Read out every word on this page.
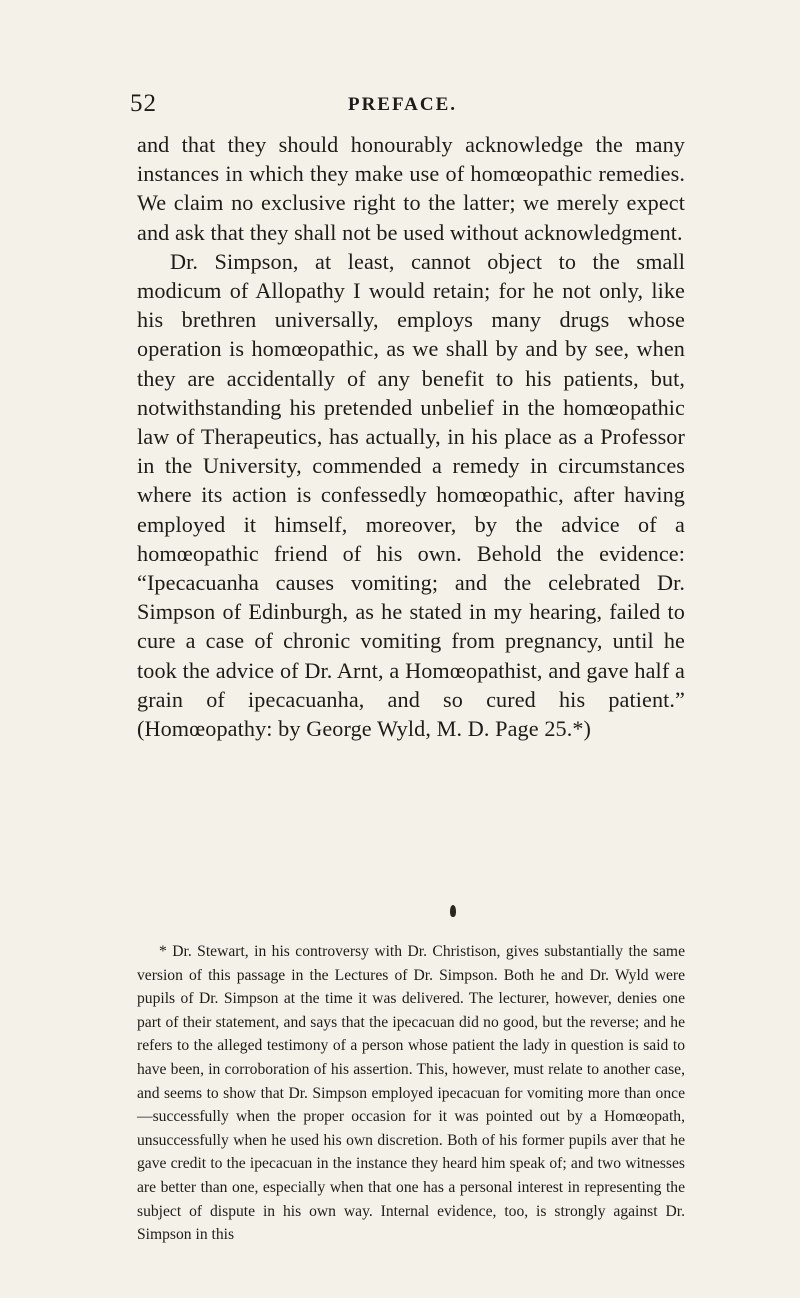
52	PREFACE.

and that they should honourably acknowledge the many instances in which they make use of homœopathic remedies. We claim no exclusive right to the latter; we merely expect and ask that they shall not be used without acknowledgment.

Dr. Simpson, at least, cannot object to the small modicum of Allopathy I would retain; for he not only, like his brethren universally, employs many drugs whose operation is homœopathic, as we shall by and by see, when they are accidentally of any benefit to his patients, but, notwithstanding his pretended unbelief in the homœopathic law of Therapeutics, has actually, in his place as a Professor in the University, commended a remedy in circumstances where its action is confessedly homœopathic, after having employed it himself, moreover, by the advice of a homœopathic friend of his own. Behold the evidence: “Ipecacuanha causes vomiting; and the celebrated Dr. Simpson of Edinburgh, as he stated in my hearing, failed to cure a case of chronic vomiting from pregnancy, until he took the advice of Dr. Arnt, a Homœopathist, and gave half a grain of ipecacuanha, and so cured his patient.” (Homœopathy: by George Wyld, M. D. Page 25.*)

* Dr. Stewart, in his controversy with Dr. Christison, gives substantially the same version of this passage in the Lectures of Dr. Simpson. Both he and Dr. Wyld were pupils of Dr. Simpson at the time it was delivered. The lecturer, however, denies one part of their statement, and says that the ipecacuan did no good, but the reverse; and he refers to the alleged testimony of a person whose patient the lady in question is said to have been, in corroboration of his assertion. This, however, must relate to another case, and seems to show that Dr. Simpson employed ipecacuan for vomiting more than once—successfully when the proper occasion for it was pointed out by a Homœopath, unsuccessfully when he used his own discretion. Both of his former pupils aver that he gave credit to the ipecacuan in the instance they heard him speak of; and two witnesses are better than one, especially when that one has a personal interest in representing the subject of dispute in his own way. Internal evidence, too, is strongly against Dr. Simpson in this
